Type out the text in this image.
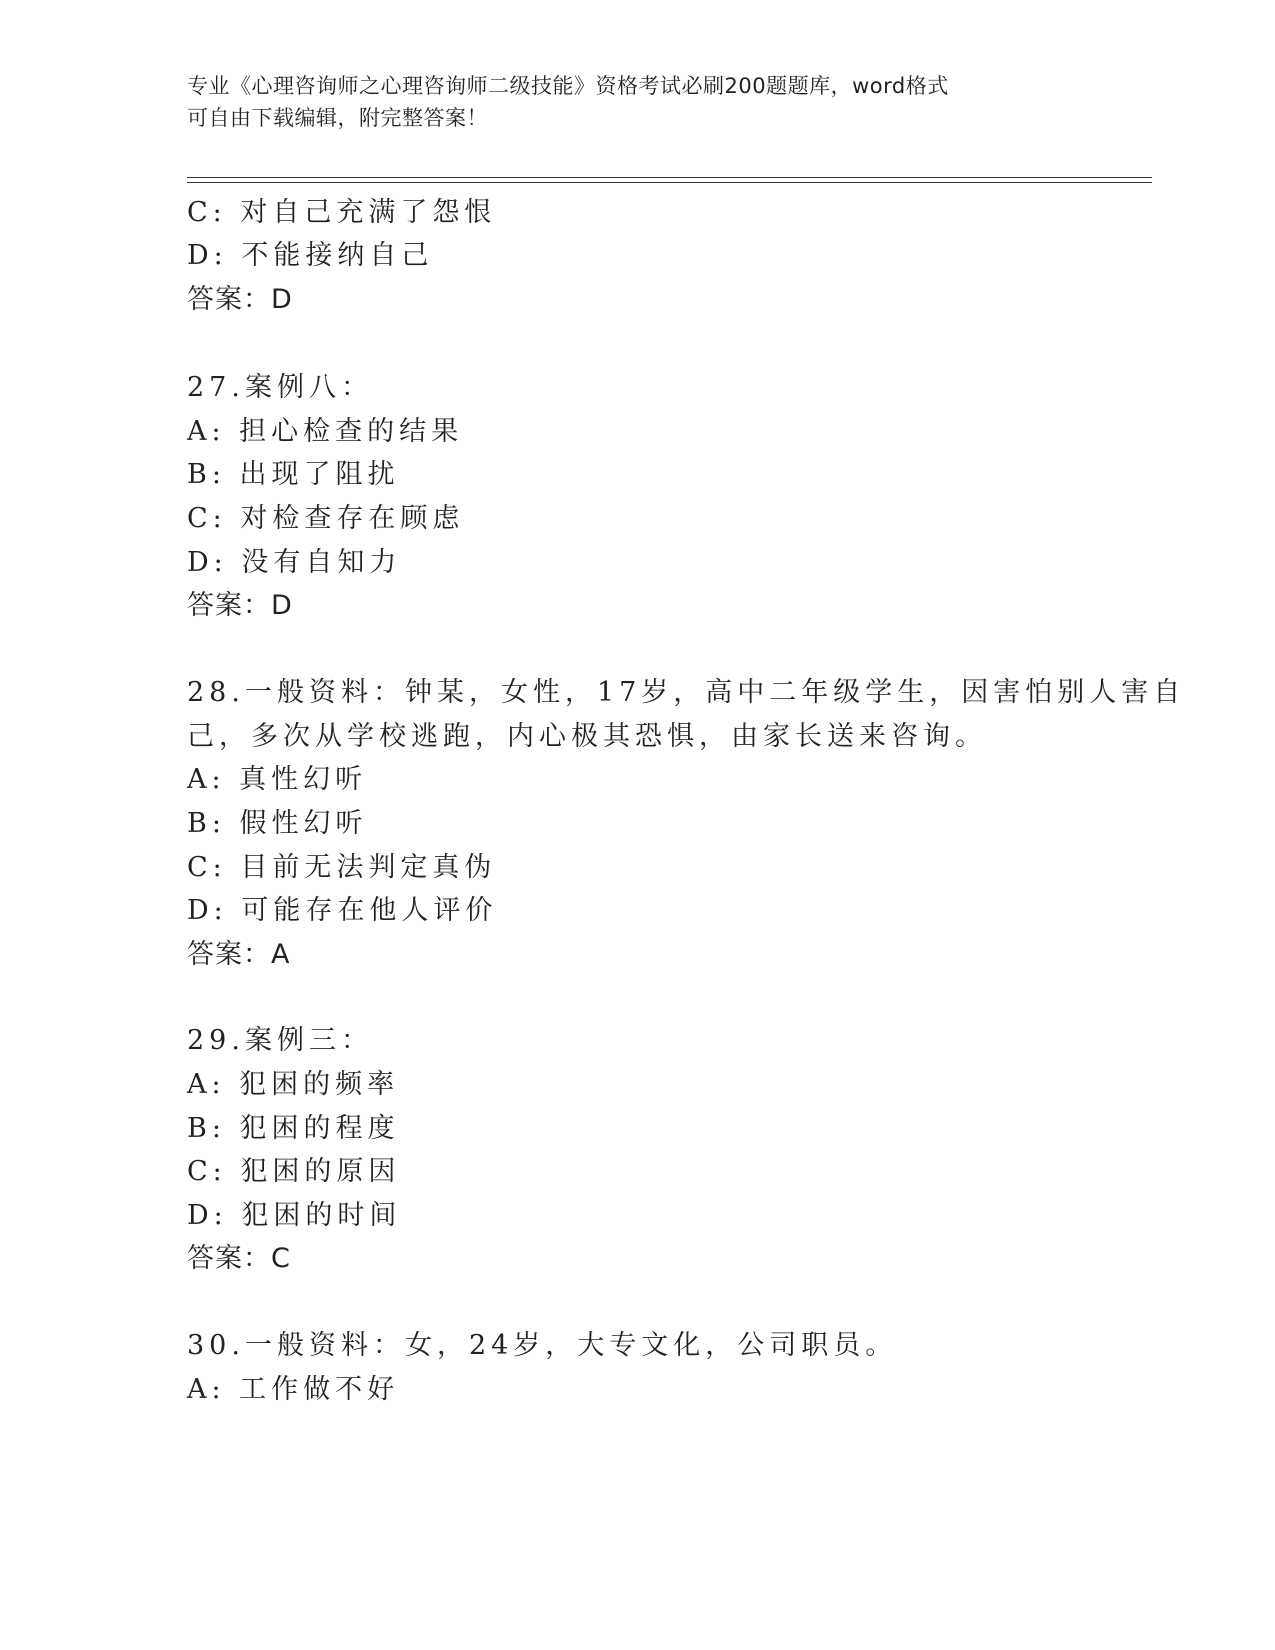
专业《心理咨询师之心理咨询师二级技能》资格考试必刷200题题库，word格式
可自由下载编辑，附完整答案！
C: 对自己充满了怨恨
D: 不能接纳自己
答案：D
27.案例八：
A: 担心检查的结果
B: 出现了阻扰
C: 对检查存在顾虑
D: 没有自知力
答案：D
28.一般资料：钟某，女性，17岁，高中二年级学生，因害怕别人害自
己，多次从学校逃跑，内心极其恐惧，由家长送来咨询。
A: 真性幻听
B: 假性幻听
C: 目前无法判定真伪
D: 可能存在他人评价
答案：A
29.案例三：
A: 犯困的频率
B: 犯困的程度
C: 犯困的原因
D: 犯困的时间
答案：C
30.一般资料：女，24岁，大专文化，公司职员。
A: 工作做不好
